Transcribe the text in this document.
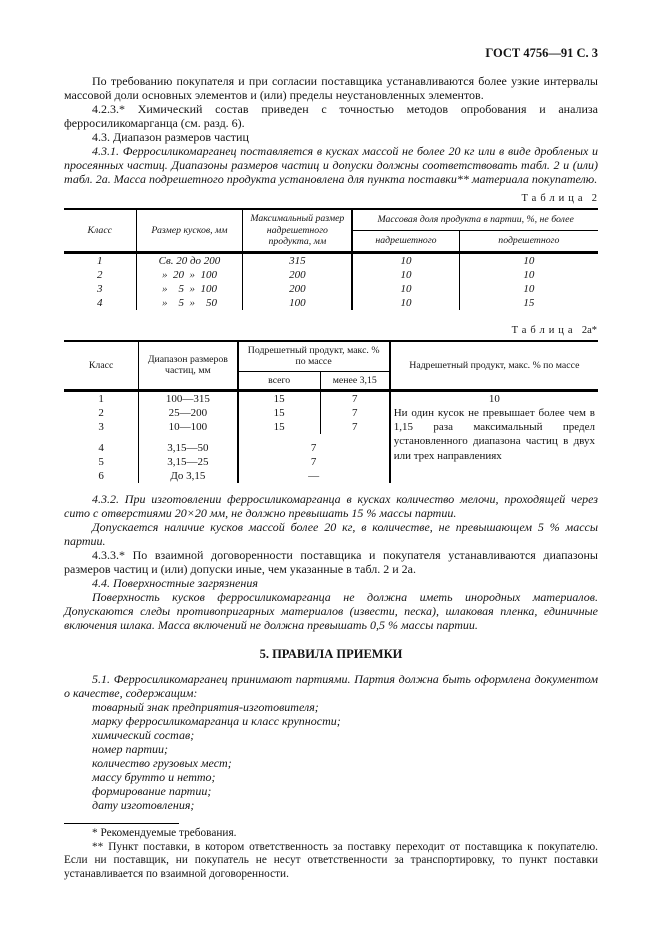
ГОСТ 4756—91 С. 3

По требованию покупателя и при согласии поставщика устанавливаются более узкие интервалы массовой доли основных элементов и (или) пределы неустановленных элементов.

4.2.3.* Химический состав приведен с точностью методов опробования и анализа ферросиликомарганца (см. разд. 6).

4.3. Диапазон размеров частиц

4.3.1. Ферросиликомарганец поставляется в кусках массой не более 20 кг или в виде дробленых и просеянных частиц. Диапазоны размеров частиц и допуски должны соответствовать табл. 2 и (или) табл. 2а. Масса подрешетного продукта установлена для пункта поставки** материала покупателю.

Таблица 2
Класс	Размер кусков, мм	Максимальный размер надрешетного продукта, мм	Массовая доля продукта в партии, %, не более	
			надрешетного	подрешетного
1	Св. 20 до 200	315	10	10
2	»  20  »  100	200	10	10
3	»    5  »  100	200	10	10
4	»    5  »    50	100	10	15
Таблица 2а*
Класс	Диапазон размеров частиц, мм	Подрешетный продукт, макс. % по массе		Надрешетный продукт, макс. % по массе
		всего	менее 3,15	
1	100—315	15	7	10
Ни один кусок не превышает более чем в 1,15 раза максимальный предел установленного диапазона частиц в двух или трех направлениях

2	25—200	15	7	
3	10—100	15	7	
4	3,15—50	7		
5	3,15—25	7		
6	До 3,15	—		

4.3.2. При изготовлении ферросиликомарганца в кусках количество мелочи, проходящей через сито с отверстиями 20×20 мм, не должно превышать 15 % массы партии.

Допускается наличие кусков массой более 20 кг, в количестве, не превышающем 5 % массы партии.

4.3.3.* По взаимной договоренности поставщика и покупателя устанавливаются диапазоны размеров частиц и (или) допуски иные, чем указанные в табл. 2 и 2а.

4.4. Поверхностные загрязнения

Поверхность кусков ферросиликомарганца не должна иметь инородных материалов. Допускаются следы противопригарных материалов (извести, песка), шлаковая пленка, единичные включения шлака. Масса включений не должна превышать 0,5 % массы партии.

5. ПРАВИЛА ПРИЕМКИ

5.1. Ферросиликомарганец принимают партиями. Партия должна быть оформлена документом о качестве, содержащим:

товарный знак предприятия-изготовителя;

марку ферросиликомарганца и класс крупности;

химический состав;

номер партии;

количество грузовых мест;

массу брутто и нетто;

формирование партии;

дату изготовления;

* Рекомендуемые требования.

** Пункт поставки, в котором ответственность за поставку переходит от поставщика к покупателю. Если ни поставщик, ни покупатель не несут ответственности за транспортировку, то пункт поставки устанавливается по взаимной договоренности.
